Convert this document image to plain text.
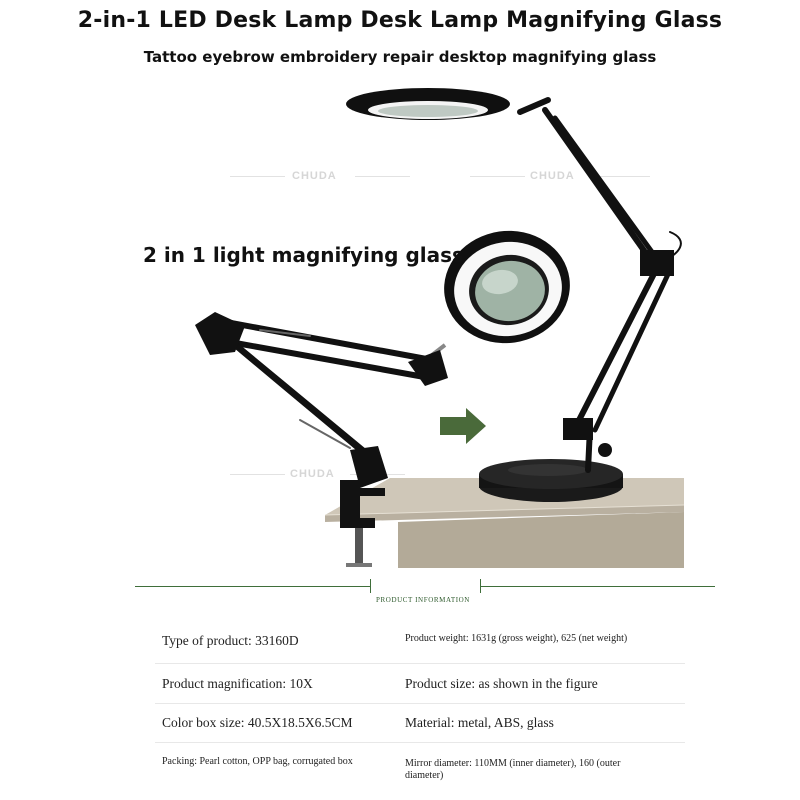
2-in-1 LED Desk Lamp Desk Lamp Magnifying Glass
Tattoo eyebrow embroidery repair desktop magnifying glass
CHUDA	CHUDA
CHUDA
2 in 1 light magnifying glass
PRODUCT INFORMATION
Type of product: 33160D	Product weight: 1631g (gross weight), 625 (net weight)
Product magnification: 10X	Product size: as shown in the figure
Color box size: 40.5X18.5X6.5CM	Material: metal, ABS, glass
Packing: Pearl cotton, OPP bag, corrugated box	Mirror diameter: 110MM (inner diameter), 160 (outer diameter)
